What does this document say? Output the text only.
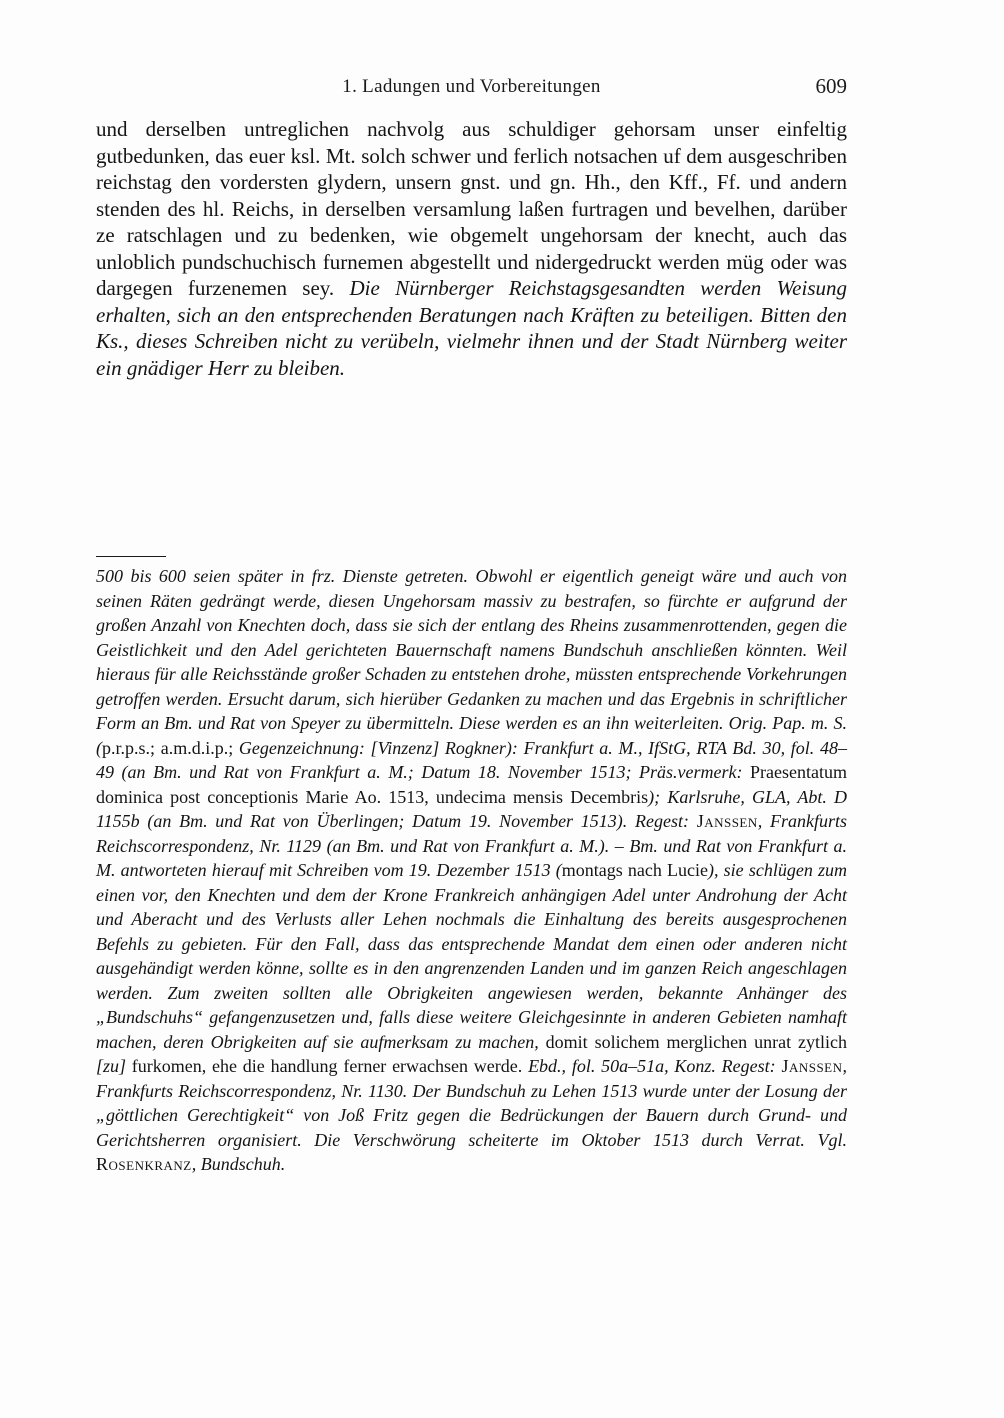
1. Ladungen und Vorbereitungen	609
und derselben untreglichen nachvolg aus schuldiger gehorsam unser einfeltig gutbedunken, das euer ksl. Mt. solch schwer und ferlich notsachen uf dem ausgeschriben reichstag den vordersten glydern, unsern gnst. und gn. Hh., den Kff., Ff. und andern stenden des hl. Reichs, in derselben versamlung laßen furtragen und bevelhen, darüber ze ratschlagen und zu bedenken, wie obgemelt ungehorsam der knecht, auch das unloblich pundschuchisch furnemen abgestellt und nidergedruckt werden müg oder was dargegen furzenemen sey. Die Nürnberger Reichstagsgesandten werden Weisung erhalten, sich an den entsprechenden Beratungen nach Kräften zu beteiligen. Bitten den Ks., dieses Schreiben nicht zu verübeln, vielmehr ihnen und der Stadt Nürnberg weiter ein gnädiger Herr zu bleiben.
500 bis 600 seien später in frz. Dienste getreten. Obwohl er eigentlich geneigt wäre und auch von seinen Räten gedrängt werde, diesen Ungehorsam massiv zu bestrafen, so fürchte er aufgrund der großen Anzahl von Knechten doch, dass sie sich der entlang des Rheins zusammenrottenden, gegen die Geistlichkeit und den Adel gerichteten Bauernschaft namens Bundschuh anschließen könnten. Weil hieraus für alle Reichsstände großer Schaden zu entstehen drohe, müssten entsprechende Vorkehrungen getroffen werden. Ersucht darum, sich hierüber Gedanken zu machen und das Ergebnis in schriftlicher Form an Bm. und Rat von Speyer zu übermitteln. Diese werden es an ihn weiterleiten. Orig. Pap. m. S. (p.r.p.s.; a.m.d.i.p.; Gegenzeichnung: [Vinzenz] Rogkner): Frankfurt a. M., IfStG, RTA Bd. 30, fol. 48–49 (an Bm. und Rat von Frankfurt a. M.; Datum 18. November 1513; Präs.vermerk: Praesentatum dominica post conceptionis Marie Ao. 1513, undecima mensis Decembris); Karlsruhe, GLA, Abt. D 1155b (an Bm. und Rat von Überlingen; Datum 19. November 1513). Regest: Janssen, Frankfurts Reichscorrespondenz, Nr. 1129 (an Bm. und Rat von Frankfurt a. M.). – Bm. und Rat von Frankfurt a. M. antworteten hierauf mit Schreiben vom 19. Dezember 1513 (montags nach Lucie), sie schlügen zum einen vor, den Knechten und dem der Krone Frankreich anhängigen Adel unter Androhung der Acht und Aberacht und des Verlusts aller Lehen nochmals die Einhaltung des bereits ausgesprochenen Befehls zu gebieten. Für den Fall, dass das entsprechende Mandat dem einen oder anderen nicht ausgehändigt werden könne, sollte es in den angrenzenden Landen und im ganzen Reich angeschlagen werden. Zum zweiten sollten alle Obrigkeiten angewiesen werden, bekannte Anhänger des „Bundschuhs“ gefangenzusetzen und, falls diese weitere Gleichgesinnte in anderen Gebieten namhaft machen, deren Obrigkeiten auf sie aufmerksam zu machen, domit solichem merglichen unrat zytlich [zu] furkomen, ehe die handlung ferner erwachsen werde. Ebd., fol. 50a–51a, Konz. Regest: Janssen, Frankfurts Reichscorrespondenz, Nr. 1130. Der Bundschuh zu Lehen 1513 wurde unter der Losung der „göttlichen Gerechtigkeit“ von Joß Fritz gegen die Bedrückungen der Bauern durch Grund- und Gerichtsherren organisiert. Die Verschwörung scheiterte im Oktober 1513 durch Verrat. Vgl. Rosenkranz, Bundschuh.
